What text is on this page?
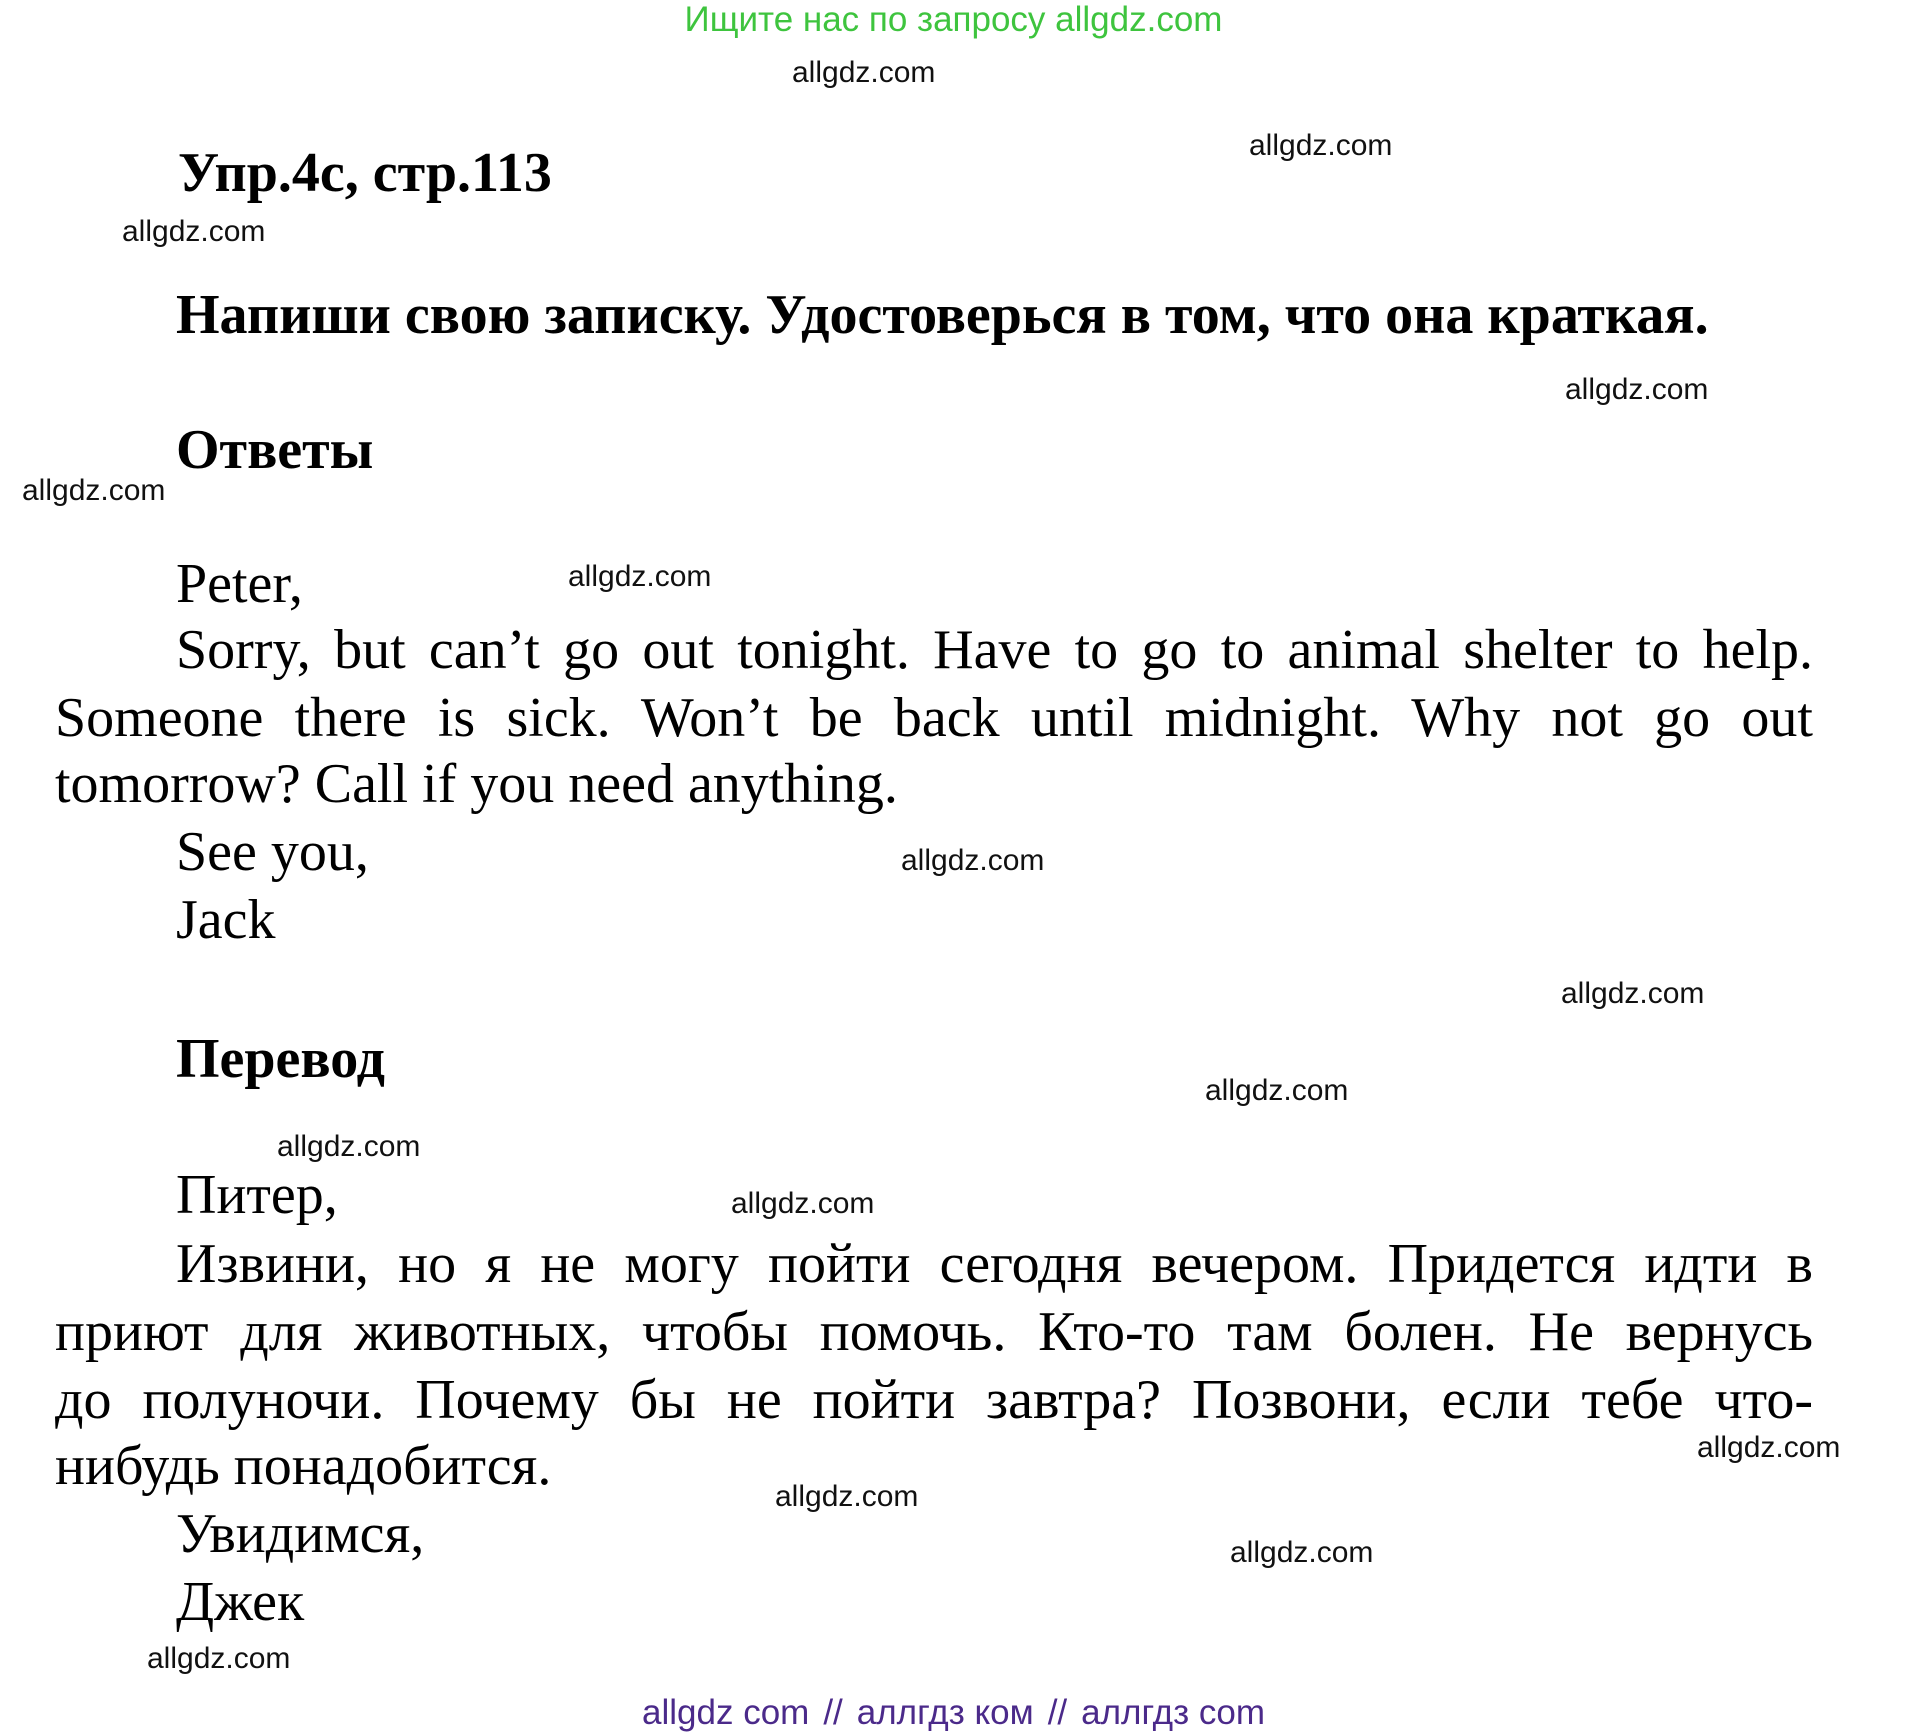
Ищите нас по запросу allgdz.com
allgdz.com
allgdz.com
allgdz.com
allgdz.com
allgdz.com
allgdz.com
allgdz.com
allgdz.com
allgdz.com
allgdz.com
allgdz.com
allgdz.com
allgdz.com
allgdz.com
allgdz.com
Упр.4c, стр.113
Напиши свою записку. Удостоверься в том, что она краткая.
Ответы
Peter,
Sorry, but can’t go out tonight. Have to go to animal shelter to help.
Someone there is sick. Won’t be back until midnight. Why not go out
tomorrow? Call if you need anything.
See you,
Jack
Перевод
Питер,
Извини, но я не могу пойти сегодня вечером. Придется идти в
приют для животных, чтобы помочь. Кто-то там болен. Не вернусь
до полуночи. Почему бы не пойти завтра? Позвони, если тебе что-
нибудь понадобится.
Увидимся,
Джек
allgdz com // аллгдз ком // аллгдз com
